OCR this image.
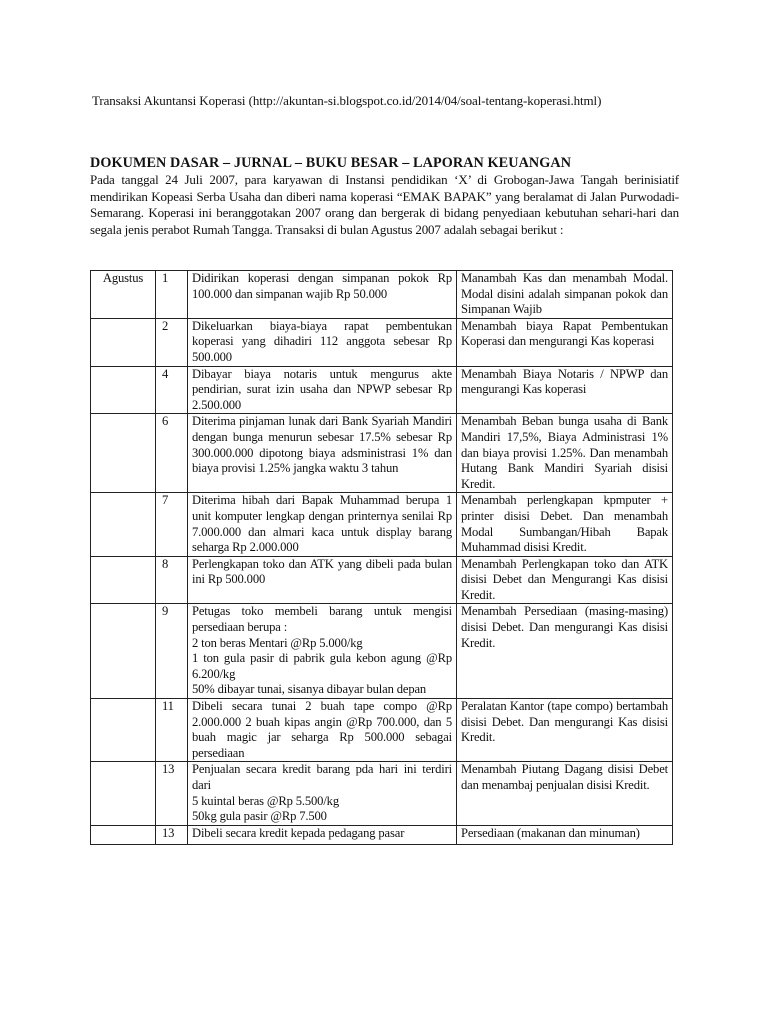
Transaksi Akuntansi Koperasi (http://akuntan-si.blogspot.co.id/2014/04/soal-tentang-koperasi.html)
DOKUMEN DASAR – JURNAL – BUKU BESAR – LAPORAN KEUANGAN

Pada tanggal 24 Juli 2007, para karyawan di Instansi pendidikan ‘X’ di Grobogan-Jawa Tangah berinisiatif mendirikan Kopeasi Serba Usaha dan diberi nama koperasi “EMAK BAPAK” yang beralamat di Jalan Purwodadi-Semarang. Koperasi ini beranggotakan 2007 orang dan bergerak di bidang penyediaan kebutuhan sehari-hari dan segala jenis perabot Rumah Tangga. Transaksi di bulan Agustus 2007 adalah sebagai berikut :

Agustus	1	Didirikan koperasi dengan simpanan pokok Rp 100.000 dan simpanan wajib Rp 50.000	Manambah Kas dan menambah Modal. Modal disini adalah simpanan pokok dan Simpanan Wajib
	2	Dikeluarkan biaya-biaya rapat pembentukan koperasi yang dihadiri 112 anggota sebesar Rp 500.000	Menambah biaya Rapat Pembentukan Koperasi dan mengurangi Kas koperasi
	4	Dibayar biaya notaris untuk mengurus akte pendirian, surat izin usaha dan NPWP sebesar Rp 2.500.000	Menambah Biaya Notaris / NPWP dan mengurangi Kas koperasi
	6	Diterima pinjaman lunak dari Bank Syariah Mandiri dengan bunga menurun sebesar 17.5% sebesar Rp 300.000.000 dipotong biaya adsministrasi 1% dan biaya provisi 1.25% jangka waktu 3 tahun	Menambah Beban bunga usaha di Bank Mandiri 17,5%, Biaya Administrasi 1% dan biaya provisi 1.25%. Dan menambah Hutang Bank Mandiri Syariah disisi Kredit.
	7	Diterima hibah dari Bapak Muhammad berupa 1 unit komputer lengkap dengan printernya senilai Rp 7.000.000 dan almari kaca untuk display barang seharga Rp 2.000.000	Menambah perlengkapan kpmputer + printer disisi Debet. Dan menambah Modal Sumbangan/Hibah Bapak Muhammad disisi Kredit.
	8	Perlengkapan toko dan ATK yang dibeli pada bulan ini Rp 500.000	Menambah Perlengkapan toko dan ATK disisi Debet dan Mengurangi Kas disisi Kredit.
	9	Petugas toko membeli barang untuk mengisi persediaan berupa :
2 ton beras Mentari @Rp 5.000/kg
1 ton gula pasir di pabrik gula kebon agung @Rp 6.200/kg
50% dibayar tunai, sisanya dibayar bulan depan	Menambah Persediaan (masing-masing) disisi Debet. Dan mengurangi Kas disisi Kredit.
	11	Dibeli secara tunai 2 buah tape compo @Rp 2.000.000 2 buah kipas angin @Rp 700.000, dan 5 buah magic jar seharga Rp 500.000 sebagai persediaan	Peralatan Kantor (tape compo) bertambah disisi Debet. Dan mengurangi Kas disisi Kredit.
	13	Penjualan secara kredit barang pda hari ini terdiri dari
5 kuintal beras @Rp 5.500/kg
50kg gula pasir @Rp 7.500	Menambah Piutang Dagang disisi Debet dan menambaj penjualan disisi Kredit.
	13	Dibeli secara kredit kepada pedagang pasar	Persediaan (makanan dan minuman)
